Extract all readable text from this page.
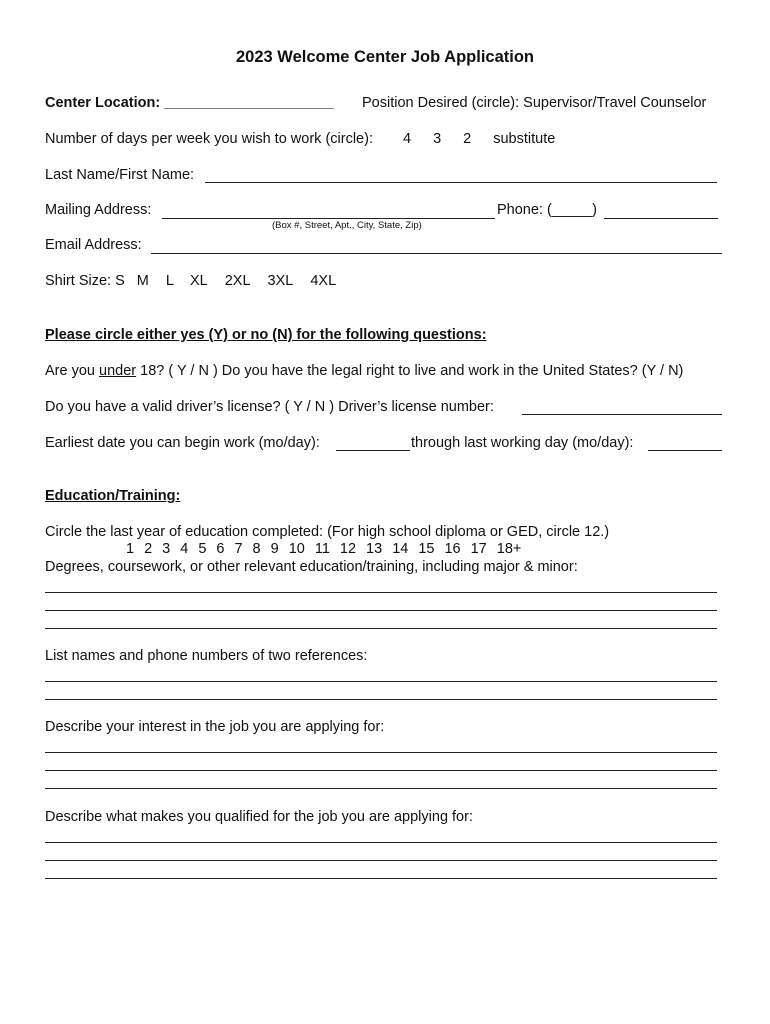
2023 Welcome Center Job Application
Center Location: _____________________ Position Desired (circle): Supervisor/Travel Counselor
Number of days per week you wish to work (circle): 4 3 2 substitute
Last Name/First Name:
Mailing Address:
(Box #, Street, Apt., City, State, Zip)
Phone: (_____)
Email Address:
Shirt Size: S M L XL 2XL 3XL 4XL
Please circle either yes (Y) or no (N) for the following questions:
Are you under 18? ( Y / N ) Do you have the legal right to live and work in the United States? (Y / N)
Do you have a valid driver’s license? ( Y / N ) Driver’s license number:
Earliest date you can begin work (mo/day):	through last working day (mo/day):
Education/Training:
Circle the last year of education completed: (For high school diploma or GED, circle 12.)
1 2 3 4 5 6 7 8 9 10 11 12 13 14 15 16 17 18+
Degrees, coursework, or other relevant education/training, including major & minor:
List names and phone numbers of two references:
Describe your interest in the job you are applying for:
Describe what makes you qualified for the job you are applying for:
